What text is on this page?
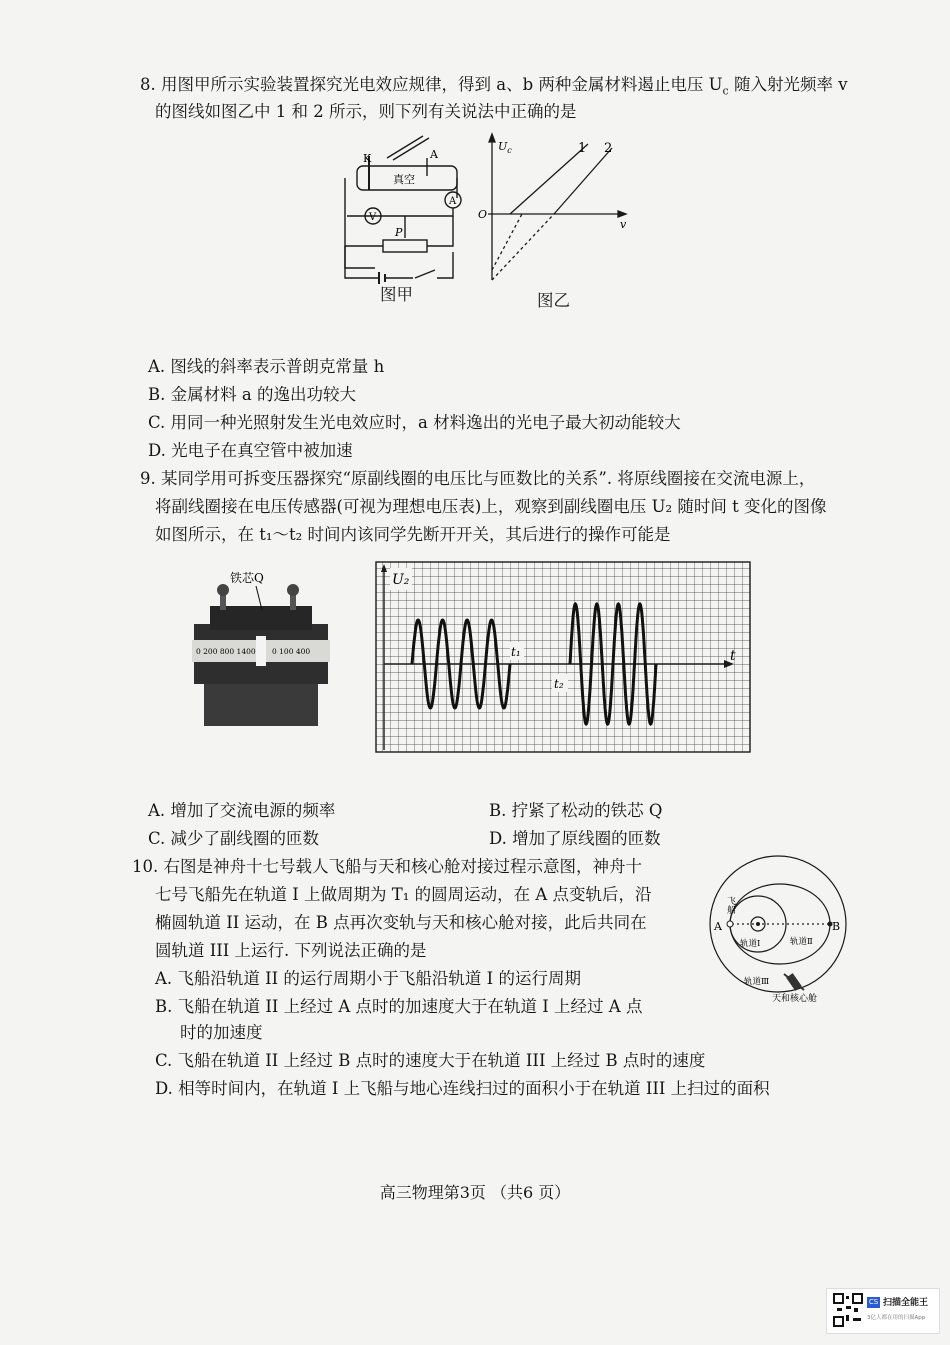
8. 用图甲所示实验装置探究光电效应规律，得到 a、b 两种金属材料遏止电压 $U_c$ 随入射光频率 v
的图线如图乙中 1 和 2 所示，则下列有关说法中正确的是
K	A
真空
A
V
P
图甲
$U_c$
v
O
1 2
图乙
A. 图线的斜率表示普朗克常量 h
B. 金属材料 a 的逸出功较大
C. 用同一种光照射发生光电效应时，a 材料逸出的光电子最大初动能较大
D. 光电子在真空管中被加速
9. 某同学用可拆变压器探究“原副线圈的电压比与匝数比的关系”. 将原线圈接在交流电源上，
将副线圈接在电压传感器(可视为理想电压表)上，观察到副线圈电压 U₂ 随时间 t 变化的图像
如图所示，在 t₁～t₂ 时间内该同学先断开开关，其后进行的操作可能是
铁芯Q
0 200 800 1400 0 100 400
U₂
t
t₁
t₂
A. 增加了交流电源的频率	B. 拧紧了松动的铁芯 Q
C. 减少了副线圈的匝数	D. 增加了原线圈的匝数
10. 右图是神舟十七号载人飞船与天和核心舱对接过程示意图，神舟十
七号飞船先在轨道 I 上做周期为 T₁ 的圆周运动，在 A 点变轨后，沿
椭圆轨道 II 运动，在 B 点再次变轨与天和核心舱对接，此后共同在
圆轨道 III 上运行. 下列说法正确的是
飞船
A	B
轨道Ⅰ	轨道Ⅱ
轨道Ⅲ
天和核心舱
A. 飞船沿轨道 II 的运行周期小于飞船沿轨道 I 的运行周期
B. 飞船在轨道 II 上经过 A 点时的加速度大于在轨道 I 上经过 A 点
时的加速度
C. 飞船在轨道 II 上经过 B 点时的速度大于在轨道 III 上经过 B 点时的速度
D. 相等时间内，在轨道 I 上飞船与地心连线扫过的面积小于在轨道 III 上扫过的面积
高三物理第3页 （共6 页）
CS 扫描全能王
3亿人都在用的扫描App
